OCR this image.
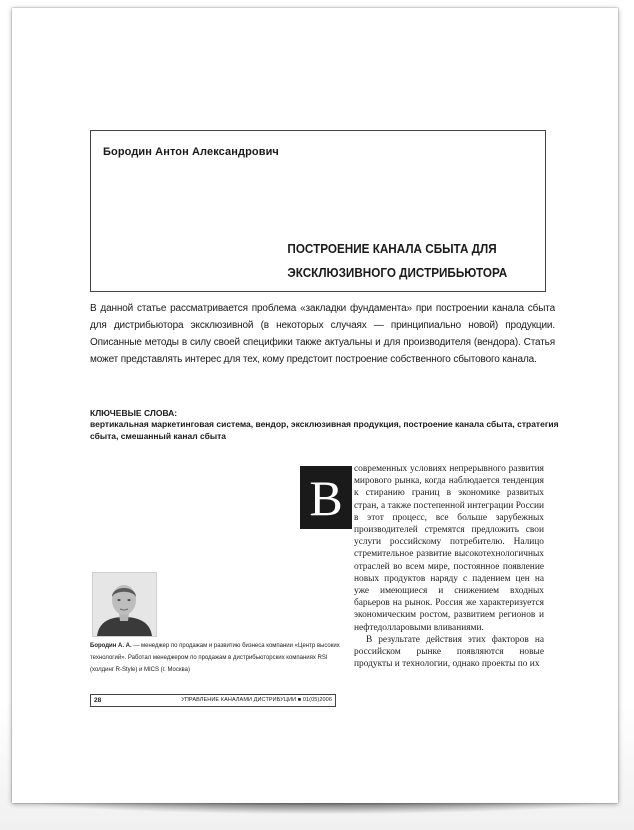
Бородин Антон Александрович

ПОСТРОЕНИЕ КАНАЛА СБЫТА ДЛЯ
ЭКСКЛЮЗИВНОГО ДИСТРИБЬЮТОРА

В данной статье рассматривается проблема «закладки фундамента» при построении канала сбыта для дистрибьютора эксклюзивной (в некоторых случаях — принципиально новой) продукции. Описанные методы в силу своей специфики также актуальны и для производителя (вендора). Статья может представлять интерес для тех, кому предстоит построение собственного сбытового канала.

КЛЮЧЕВЫЕ СЛОВА:

вертикальная маркетинговая система, вендор, эксклюзивная продукция, построение канала сбыта, стратегия сбыта, смешанный канал сбыта

В

современных условиях непрерывного развития мирового рынка, когда наблюдается тенденция к стиранию границ в экономике развитых стран, а также постепенной интеграции России в этот процесс, все больше зарубежных производителей стремятся предложить свои услуги российскому потребителю. Налицо стремительное развитие высокотехнологичных отраслей во всем мире, постоянное появление новых продуктов наряду с падением цен на уже имеющиеся и снижением входных барьеров на рынок. Россия же характеризуется экономическим ростом, развитием регионов и нефтедолларовыми вливаниями.

В результате действия этих факторов на российском рынке появляются новые продукты и технологии, однако проекты по их

Бородин А. А. — менеджер по продажам и развитию бизнеса компании «Центр высоких технологий». Работал менеджером по продажам в дистрибьюторских компаниях RSI (холдинг R-Style) и MICS (г. Москва)

28	УПРАВЛЕНИЕ КАНАЛАМИ ДИСТРИБУЦИИ ■ 01(05)2006
